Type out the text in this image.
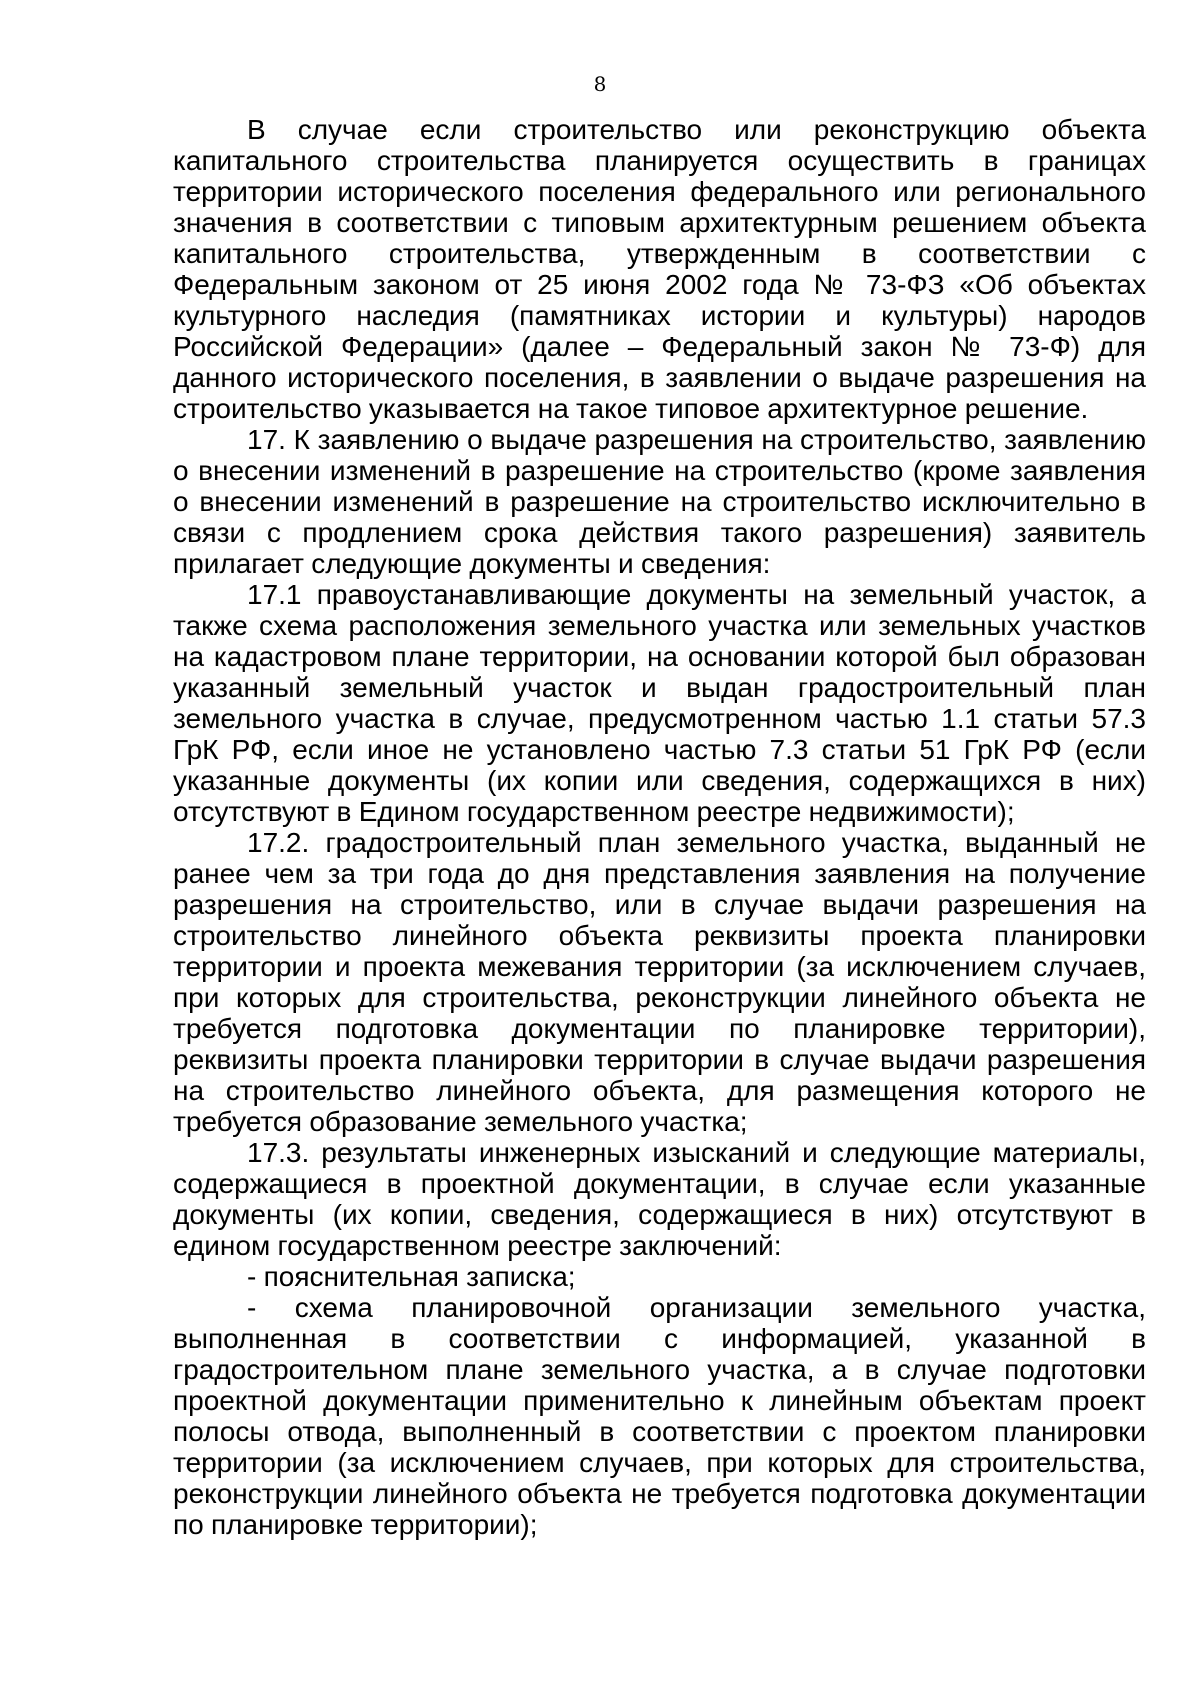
8

В случае если строительство или реконструкцию объекта капитального строительства планируется осуществить в границах территории исторического поселения федерального или регионального значения в соответствии с типовым архитектурным решением объекта капитального строительства, утвержденным в соответствии с Федеральным законом от 25 июня 2002 года № 73-ФЗ «Об объектах культурного наследия (памятниках истории и культуры) народов Российской Федерации» (далее – Федеральный закон № 73-Ф) для данного исторического поселения, в заявлении о выдаче разрешения на строительство указывается на такое типовое архитектурное решение.

17. К заявлению о выдаче разрешения на строительство, заявлению о внесении изменений в разрешение на строительство (кроме заявления о внесении изменений в разрешение на строительство исключительно в связи с продлением срока действия такого разрешения) заявитель прилагает следующие документы и сведения:

17.1 правоустанавливающие документы на земельный участок, а также схема расположения земельного участка или земельных участков на кадастровом плане территории, на основании которой был образован указанный земельный участок и выдан градостроительный план земельного участка в случае, предусмотренном частью 1.1 статьи 57.3 ГрК РФ, если иное не установлено частью 7.3 статьи 51 ГрК РФ (если указанные документы (их копии или сведения, содержащихся в них) отсутствуют в Едином государственном реестре недвижимости);

17.2. градостроительный план земельного участка, выданный не ранее чем за три года до дня представления заявления на получение разрешения на строительство, или в случае выдачи разрешения на строительство линейного объекта реквизиты проекта планировки территории и проекта межевания территории (за исключением случаев, при которых для строительства, реконструкции линейного объекта не требуется подготовка документации по планировке территории), реквизиты проекта планировки территории в случае выдачи разрешения на строительство линейного объекта, для размещения которого не требуется образование земельного участка;

17.3. результаты инженерных изысканий и следующие материалы, содержащиеся в проектной документации, в случае если указанные документы (их копии, сведения, содержащиеся в них) отсутствуют в едином государственном реестре заключений:

- пояснительная записка;

- схема планировочной организации земельного участка, выполненная в соответствии с информацией, указанной в градостроительном плане земельного участка, а в случае подготовки проектной документации применительно к линейным объектам проект полосы отвода, выполненный в соответствии с проектом планировки территории (за исключением случаев, при которых для строительства, реконструкции линейного объекта не требуется подготовка документации по планировке территории);
